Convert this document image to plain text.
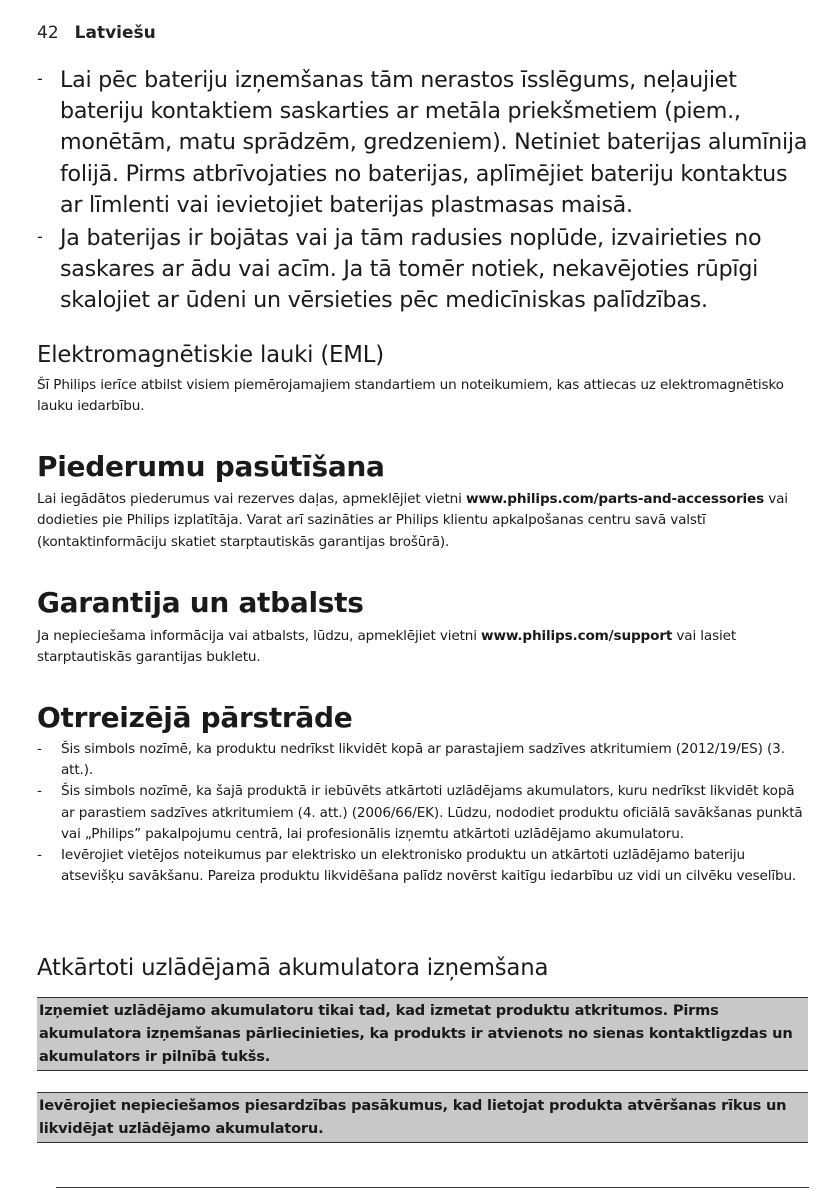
42 Latviešu
- Lai pēc bateriju izņemšanas tām nerastos īsslēgums, neļaujiet bateriju kontaktiem saskarties ar metāla priekšmetiem (piem., monētām, matu sprādzēm, gredzeniem). Netiniet baterijas alumīnija folijā. Pirms atbrīvojaties no baterijas, aplīmējiet bateriju kontaktus ar līmlenti vai ievietojiet baterijas plastmasas maisā.
- Ja baterijas ir bojātas vai ja tām radusies noplūde, izvairieties no saskares ar ādu vai acīm. Ja tā tomēr notiek, nekavējoties rūpīgi skalojiet ar ūdeni un vērsieties pēc medicīniskas palīdzības.
Elektromagnētiskie lauki (EML)

Šī Philips ierīce atbilst visiem piemērojamajiem standartiem un noteikumiem, kas attiecas uz elektromagnētisko lauku iedarbību.

Piederumu pasūtīšana

Lai iegādātos piederumus vai rezerves daļas, apmeklējiet vietni www.philips.com/parts-and-accessories vai dodieties pie Philips izplatītāja. Varat arī sazināties ar Philips klientu apkalpošanas centru savā valstī (kontaktinformāciju skatiet starptautiskās garantijas brošūrā).

Garantija un atbalsts

Ja nepieciešama informācija vai atbalsts, lūdzu, apmeklējiet vietni www.philips.com/support vai lasiet starptautiskās garantijas bukletu.

Otrreizējā pārstrāde
- Šis simbols nozīmē, ka produktu nedrīkst likvidēt kopā ar parastajiem sadzīves atkritumiem (2012/19/ES) (3. att.).
- Šis simbols nozīmē, ka šajā produktā ir iebūvēts atkārtoti uzlādējams akumulators, kuru nedrīkst likvidēt kopā ar parastiem sadzīves atkritumiem (4. att.) (2006/66/EK). Lūdzu, nododiet produktu oficiālā savākšanas punktā vai „Philips” pakalpojumu centrā, lai profesionālis izņemtu atkārtoti uzlādējamo akumulatoru.
- Ievērojiet vietējos noteikumus par elektrisko un elektronisko produktu un atkārtoti uzlādējamo bateriju atsevišķu savākšanu. Pareiza produktu likvidēšana palīdz novērst kaitīgu iedarbību uz vidi un cilvēku veselību.
Atkārtoti uzlādējamā akumulatora izņemšana
Izņemiet uzlādējamo akumulatoru tikai tad, kad izmetat produktu atkritumos. Pirms akumulatora izņemšanas pārliecinieties, ka produkts ir atvienots no sienas kontaktligzdas un akumulators ir pilnībā tukšs.
Ievērojiet nepieciešamos piesardzības pasākumus, kad lietojat produkta atvēršanas rīkus un likvidējat uzlādējamo akumulatoru.
